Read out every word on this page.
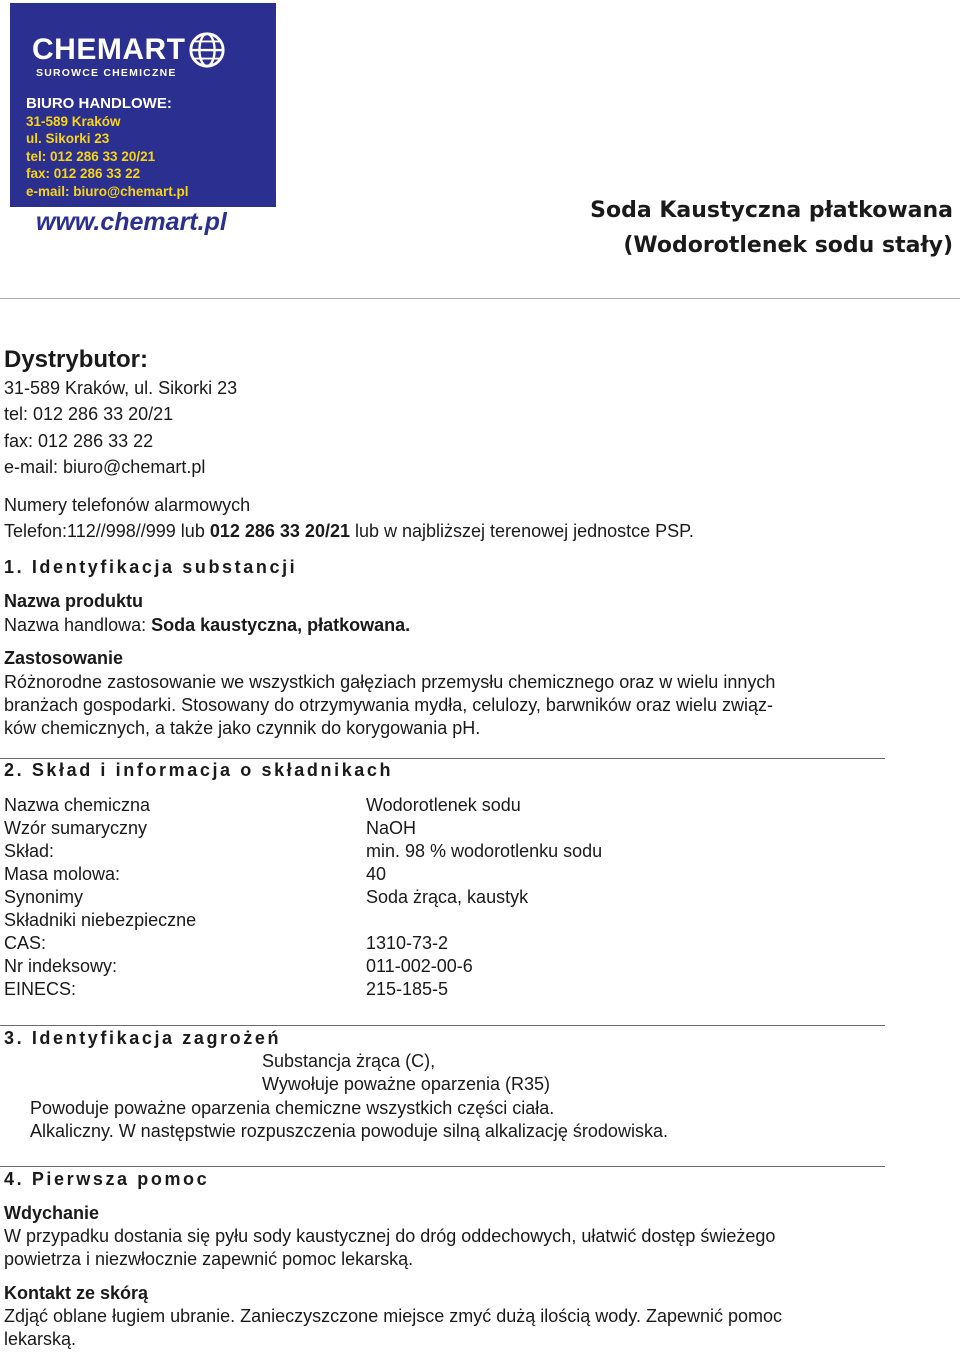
CHEMART
SUROWCE CHEMICZNE
BIURO HANDLOWE:
31-589 Kraków
ul. Sikorki 23
tel: 012 286 33 20/21
fax: 012 286 33 22
e-mail: biuro@chemart.pl
www.chemart.pl	Soda Kaustyczna płatkowana
(Wodorotlenek sodu stały)
Dystrybutor:
31-589 Kraków, ul. Sikorki 23
tel: 012 286 33 20/21
fax: 012 286 33 22
e-mail: biuro@chemart.pl
Numery telefonów alarmowych
Telefon:112//998//999 lub 012 286 33 20/21 lub w najbliższej terenowej jednostce PSP.
1. Identyfikacja substancji
Nazwa produktu
Nazwa handlowa: Soda kaustyczna, płatkowana.
Zastosowanie
Różnorodne zastosowanie we wszystkich gałęziach przemysłu chemicznego oraz w wielu innych
branżach gospodarki. Stosowany do otrzymywania mydła, celulozy, barwników oraz wielu związ-
ków chemicznych, a także jako czynnik do korygowania pH.
2. Skład i informacja o składnikach
Nazwa chemiczna	Wodorotlenek sodu
Wzór sumaryczny	NaOH
Skład:	min. 98 % wodorotlenku sodu
Masa molowa:	40
Synonimy	Soda żrąca, kaustyk
Składniki niebezpieczne
CAS:	1310-73-2
Nr indeksowy:	011-002-00-6
EINECS:	215-185-5
3. Identyfikacja zagrożeń
Substancja żrąca (C),
Wywołuje poważne oparzenia (R35)
Powoduje poważne oparzenia chemiczne wszystkich części ciała.
Alkaliczny. W następstwie rozpuszczenia powoduje silną alkalizację środowiska.
4. Pierwsza pomoc
Wdychanie
W przypadku dostania się pyłu sody kaustycznej do dróg oddechowych, ułatwić dostęp świeżego
powietrza i niezwłocznie zapewnić pomoc lekarską.
Kontakt ze skórą
Zdjąć oblane ługiem ubranie. Zanieczyszczone miejsce zmyć dużą ilością wody. Zapewnić pomoc
lekarską.
